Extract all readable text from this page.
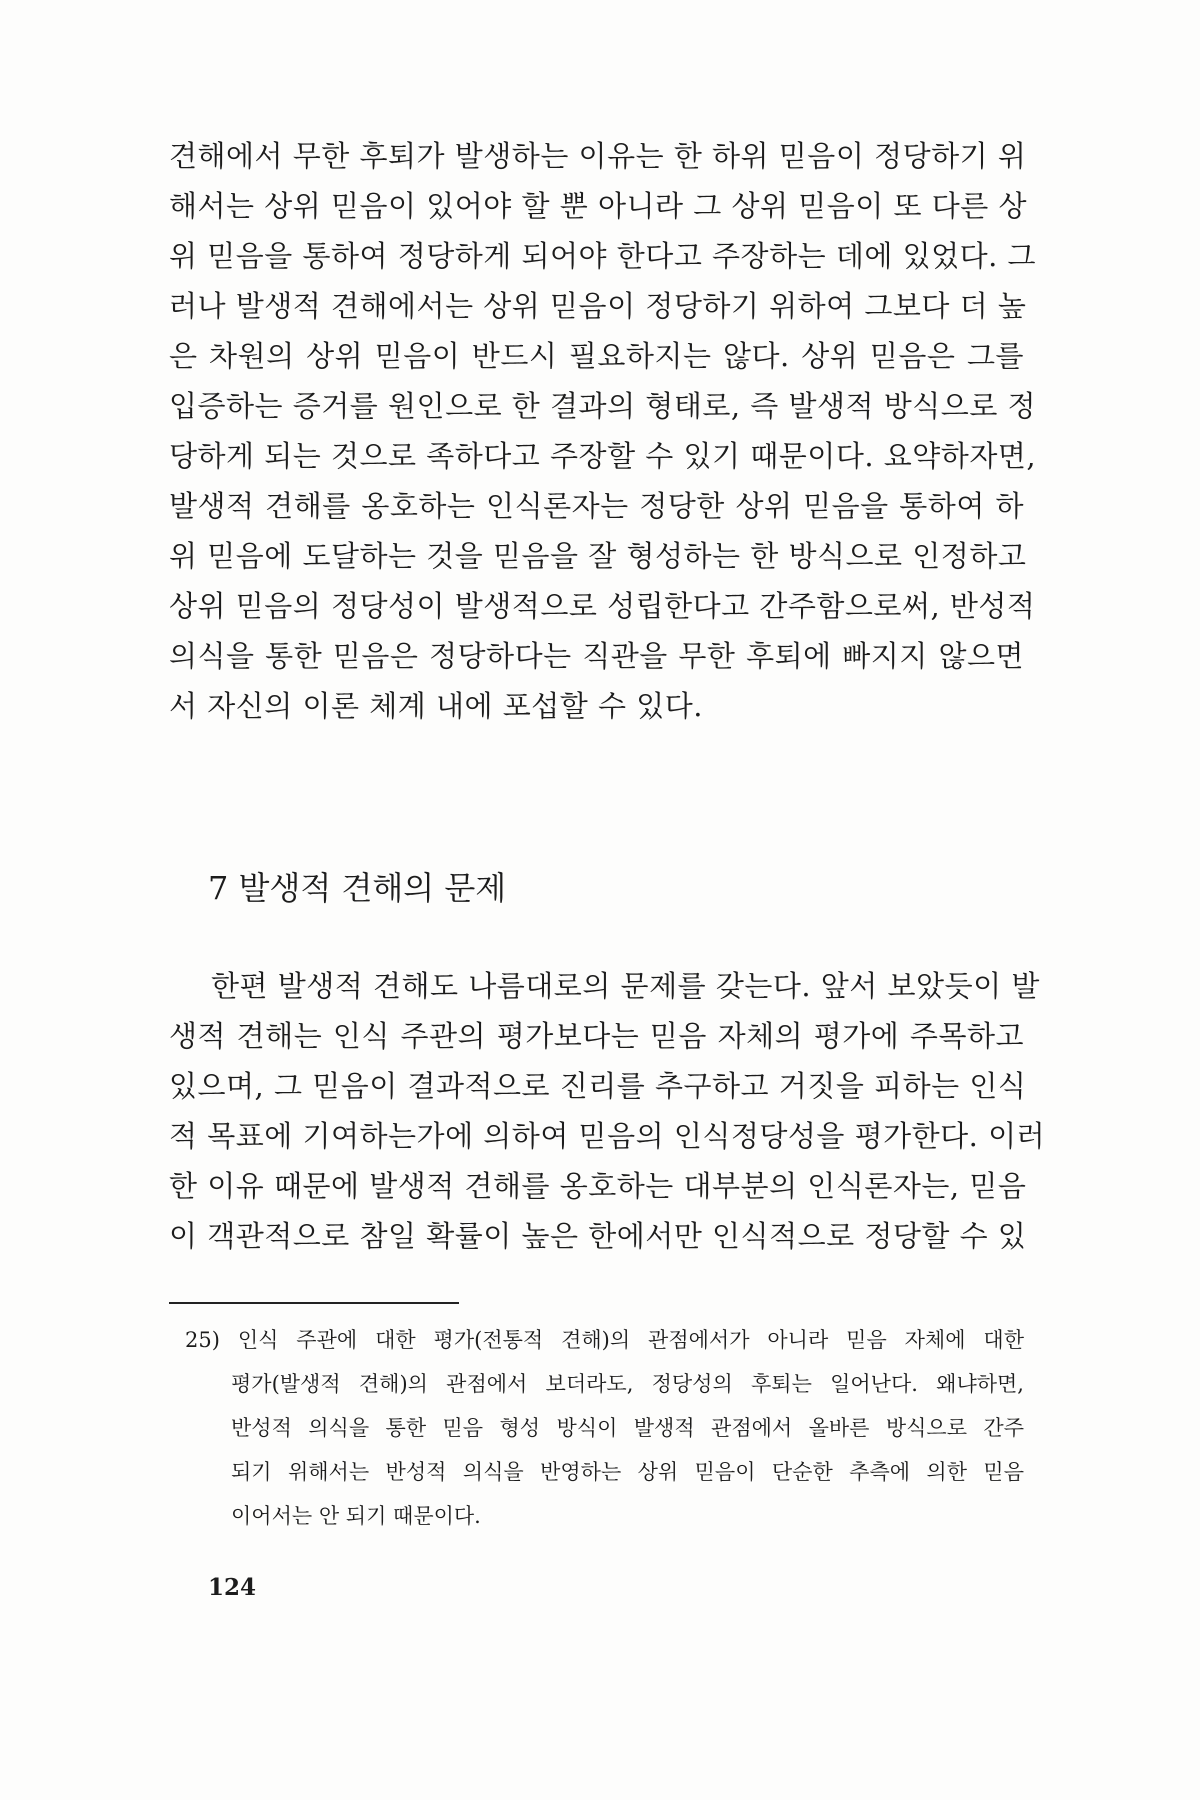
견해에서 무한 후퇴가 발생하는 이유는 한 하위 믿음이 정당하기 위
해서는 상위 믿음이 있어야 할 뿐 아니라 그 상위 믿음이 또 다른 상
위 믿음을 통하여 정당하게 되어야 한다고 주장하는 데에 있었다. 그
러나 발생적 견해에서는 상위 믿음이 정당하기 위하여 그보다 더 높
은 차원의 상위 믿음이 반드시 필요하지는 않다. 상위 믿음은 그를
입증하는 증거를 원인으로 한 결과의 형태로, 즉 발생적 방식으로 정
당하게 되는 것으로 족하다고 주장할 수 있기 때문이다. 요약하자면,
발생적 견해를 옹호하는 인식론자는 정당한 상위 믿음을 통하여 하
위 믿음에 도달하는 것을 믿음을 잘 형성하는 한 방식으로 인정하고
상위 믿음의 정당성이 발생적으로 성립한다고 간주함으로써, 반성적
의식을 통한 믿음은 정당하다는 직관을 무한 후퇴에 빠지지 않으면
서 자신의 이론 체계 내에 포섭할 수 있다.
7 발생적 견해의 문제
한편 발생적 견해도 나름대로의 문제를 갖는다. 앞서 보았듯이 발
생적 견해는 인식 주관의 평가보다는 믿음 자체의 평가에 주목하고
있으며, 그 믿음이 결과적으로 진리를 추구하고 거짓을 피하는 인식
적 목표에 기여하는가에 의하여 믿음의 인식정당성을 평가한다. 이러
한 이유 때문에 발생적 견해를 옹호하는 대부분의 인식론자는, 믿음
이 객관적으로 참일 확률이 높은 한에서만 인식적으로 정당할 수 있
25) 인식 주관에 대한 평가(전통적 견해)의 관점에서가 아니라 믿음 자체에 대한
평가(발생적 견해)의 관점에서 보더라도, 정당성의 후퇴는 일어난다. 왜냐하면,
반성적 의식을 통한 믿음 형성 방식이 발생적 관점에서 올바른 방식으로 간주
되기 위해서는 반성적 의식을 반영하는 상위 믿음이 단순한 추측에 의한 믿음
이어서는 안 되기 때문이다.
124
